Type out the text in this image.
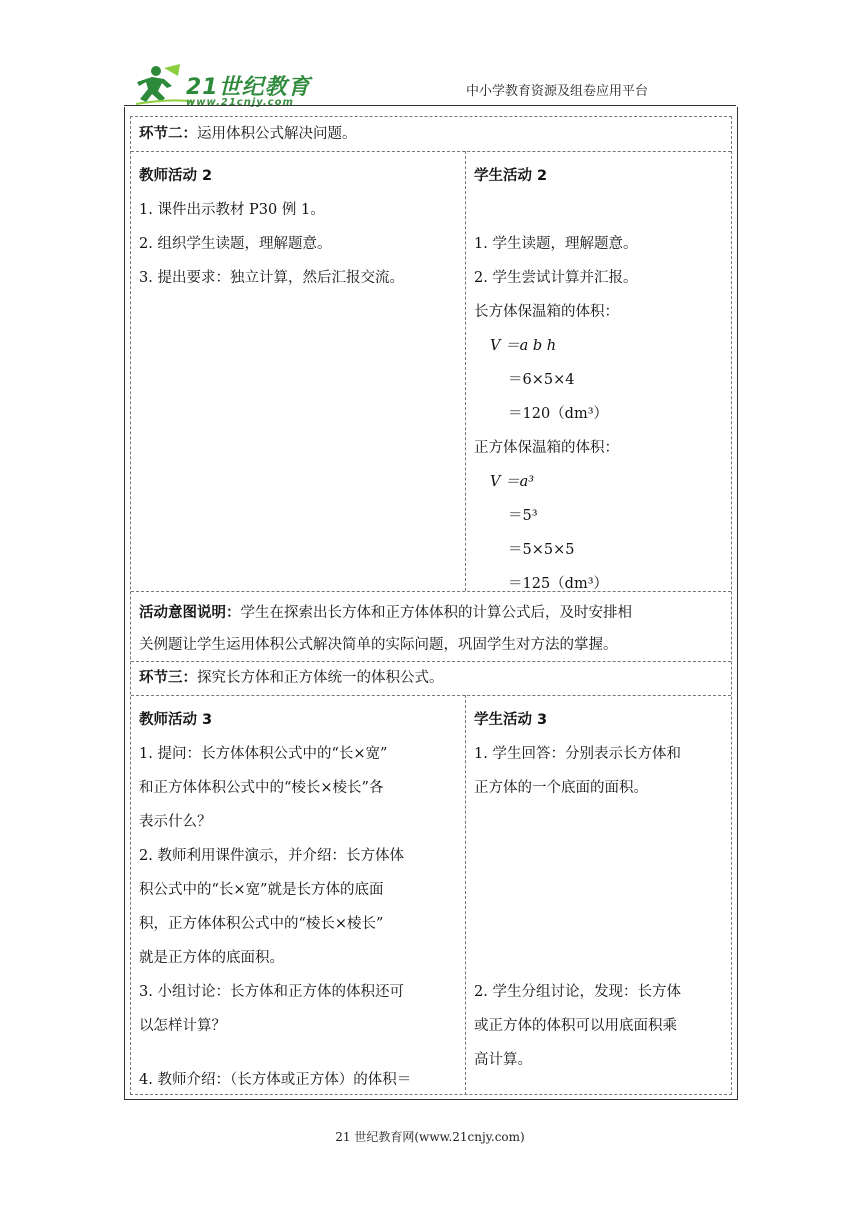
21世纪教育
www.21cnjy.com
中小学教育资源及组卷应用平台
环节二：运用体积公式解决问题。
教师活动 2
1. 课件出示教材 P30 例 1。
2. 组织学生读题，理解题意。
3. 提出要求：独立计算，然后汇报交流。
学生活动 2
1. 学生读题，理解题意。
2. 学生尝试计算并汇报。
长方体保温箱的体积：
V ＝a b h
＝6×5×4
＝120（dm³）
正方体保温箱的体积：
V ＝a³
＝5³
＝5×5×5
＝125（dm³）
活动意图说明：学生在探索出长方体和正方体体积的计算公式后，及时安排相
关例题让学生运用体积公式解决简单的实际问题，巩固学生对方法的掌握。
环节三：探究长方体和正方体统一的体积公式。
教师活动 3
1. 提问：长方体体积公式中的“长×宽”
和正方体体积公式中的“棱长×棱长”各
表示什么？
2. 教师利用课件演示，并介绍：长方体体
积公式中的“长×宽”就是长方体的底面
积，正方体体积公式中的“棱长×棱长”
就是正方体的底面积。
3. 小组讨论：长方体和正方体的体积还可
以怎样计算？
4. 教师介绍：（长方体或正方体）的体积＝
学生活动 3
1. 学生回答：分别表示长方体和
正方体的一个底面的面积。
2. 学生分组讨论，发现：长方体
或正方体的体积可以用底面积乘
高计算。
21 世纪教育网(www.21cnjy.com)
